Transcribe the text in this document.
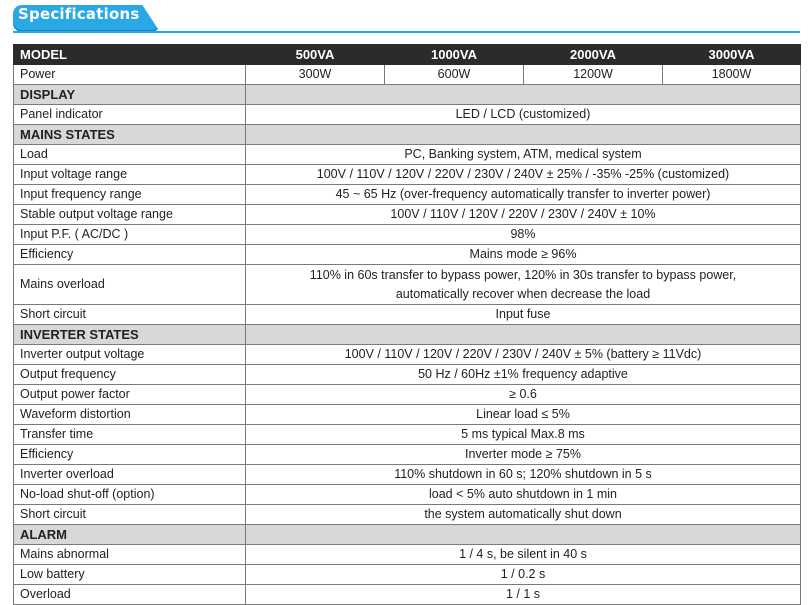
Specifications
MODEL	500VA	1000VA	2000VA	3000VA
Power	300W	600W	1200W	1800W
DISPLAY				
Panel indicator	LED / LCD (customized)			
MAINS STATES				
Load	PC, Banking system, ATM, medical system			
Input voltage range	100V / 110V / 120V / 220V / 230V / 240V ± 25% / -35% -25% (customized)			
Input frequency range	45 ~ 65 Hz (over-frequency automatically transfer to inverter power)			
Stable output voltage range	100V / 110V / 120V / 220V / 230V / 240V ± 10%			
Input P.F. ( AC/DC )	98%			
Efficiency	Mains mode ≥ 96%			
Mains overload	110% in 60s transfer to bypass power, 120% in 30s transfer to bypass power,
automatically recover when decrease the load			

Short circuit	Input fuse			
INVERTER STATES				
Inverter output voltage	100V / 110V / 120V / 220V / 230V / 240V ± 5% (battery ≥ 11Vdc)			
Output frequency	50 Hz / 60Hz ±1% frequency adaptive			
Output power factor	≥ 0.6			
Waveform distortion	Linear load ≤ 5%			
Transfer time	5 ms typical Max.8 ms			
Efficiency	Inverter mode ≥ 75%			
Inverter overload	110% shutdown in 60 s; 120% shutdown in 5 s			
No-load shut-off (option)	load < 5% auto shutdown in 1 min			
Short circuit	the system automatically shut down			
ALARM				
Mains abnormal	1 / 4 s, be silent in 40 s			
Low battery	1 / 0.2 s			
Overload	1 / 1 s			
